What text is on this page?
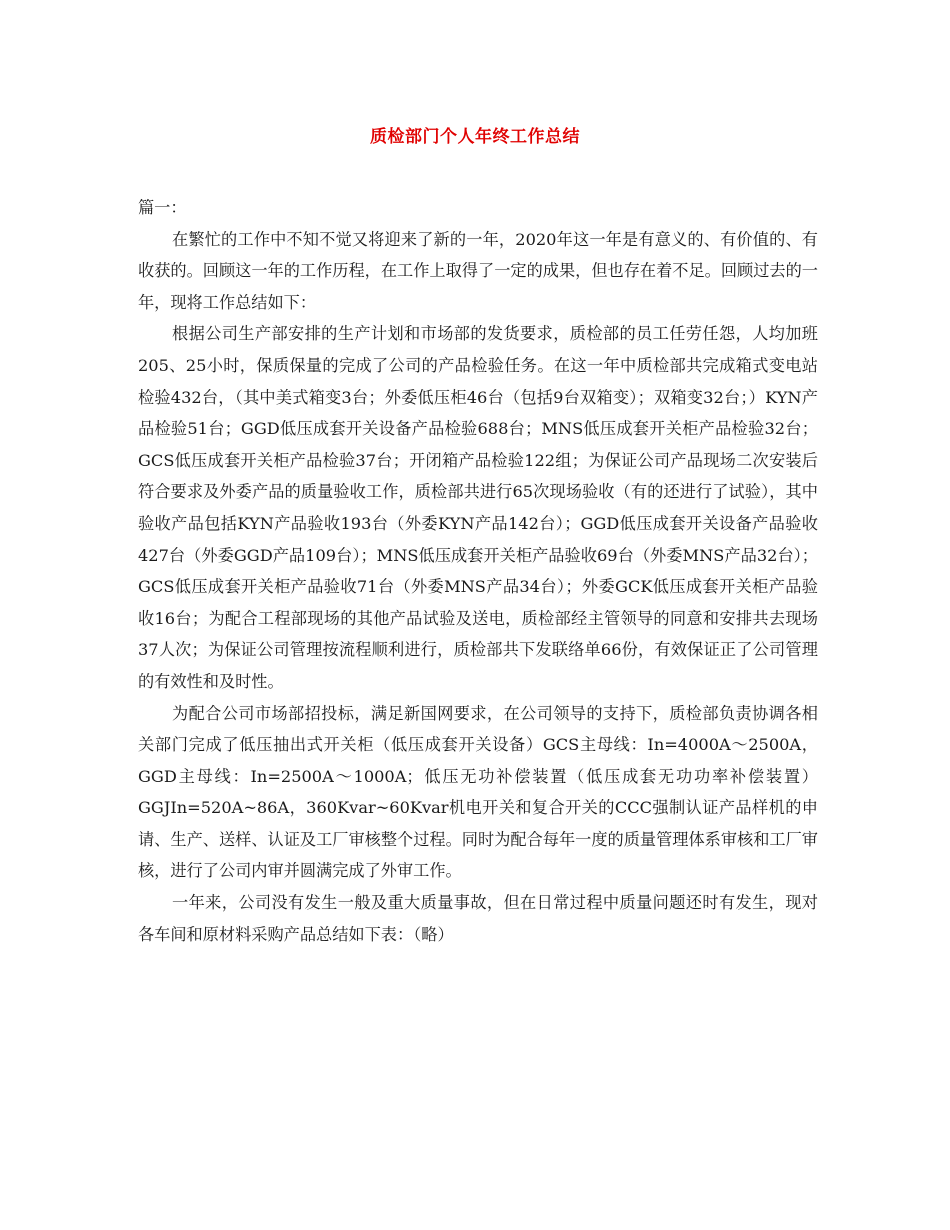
质检部门个人年终工作总结

篇一：

在繁忙的工作中不知不觉又将迎来了新的一年，2020年这一年是有意义的、有价值的、有收获的。回顾这一年的工作历程，在工作上取得了一定的成果，但也存在着不足。回顾过去的一年，现将工作总结如下：

根据公司生产部安排的生产计划和市场部的发货要求，质检部的员工任劳任怨，人均加班205、25小时，保质保量的完成了公司的产品检验任务。在这一年中质检部共完成箱式变电站检验432台，（其中美式箱变3台；外委低压柜46台（包括9台双箱变）；双箱变32台；）KYN产品检验51台；GGD低压成套开关设备产品检验688台；MNS低压成套开关柜产品检验32台；GCS低压成套开关柜产品检验37台；开闭箱产品检验122组；为保证公司产品现场二次安装后符合要求及外委产品的质量验收工作，质检部共进行65次现场验收（有的还进行了试验），其中验收产品包括KYN产品验收193台（外委KYN产品142台）；GGD低压成套开关设备产品验收427台（外委GGD产品109台）；MNS低压成套开关柜产品验收69台（外委MNS产品32台）；GCS低压成套开关柜产品验收71台（外委MNS产品34台）；外委GCK低压成套开关柜产品验收16台；为配合工程部现场的其他产品试验及送电，质检部经主管领导的同意和安排共去现场37人次；为保证公司管理按流程顺利进行，质检部共下发联络单66份，有效保证正了公司管理的有效性和及时性。

为配合公司市场部招投标，满足新国网要求，在公司领导的支持下，质检部负责协调各相关部门完成了低压抽出式开关柜（低压成套开关设备）GCS主母线：In=4000A～2500A，GGD主母线：In=2500A～1000A；低压无功补偿装置（低压成套无功功率补偿装置）GGJIn=520A~86A，360Kvar~60Kvar机电开关和复合开关的CCC强制认证产品样机的申请、生产、送样、认证及工厂审核整个过程。同时为配合每年一度的质量管理体系审核和工厂审核，进行了公司内审并圆满完成了外审工作。

一年来，公司没有发生一般及重大质量事故，但在日常过程中质量问题还时有发生，现对各车间和原材料采购产品总结如下表：（略）
